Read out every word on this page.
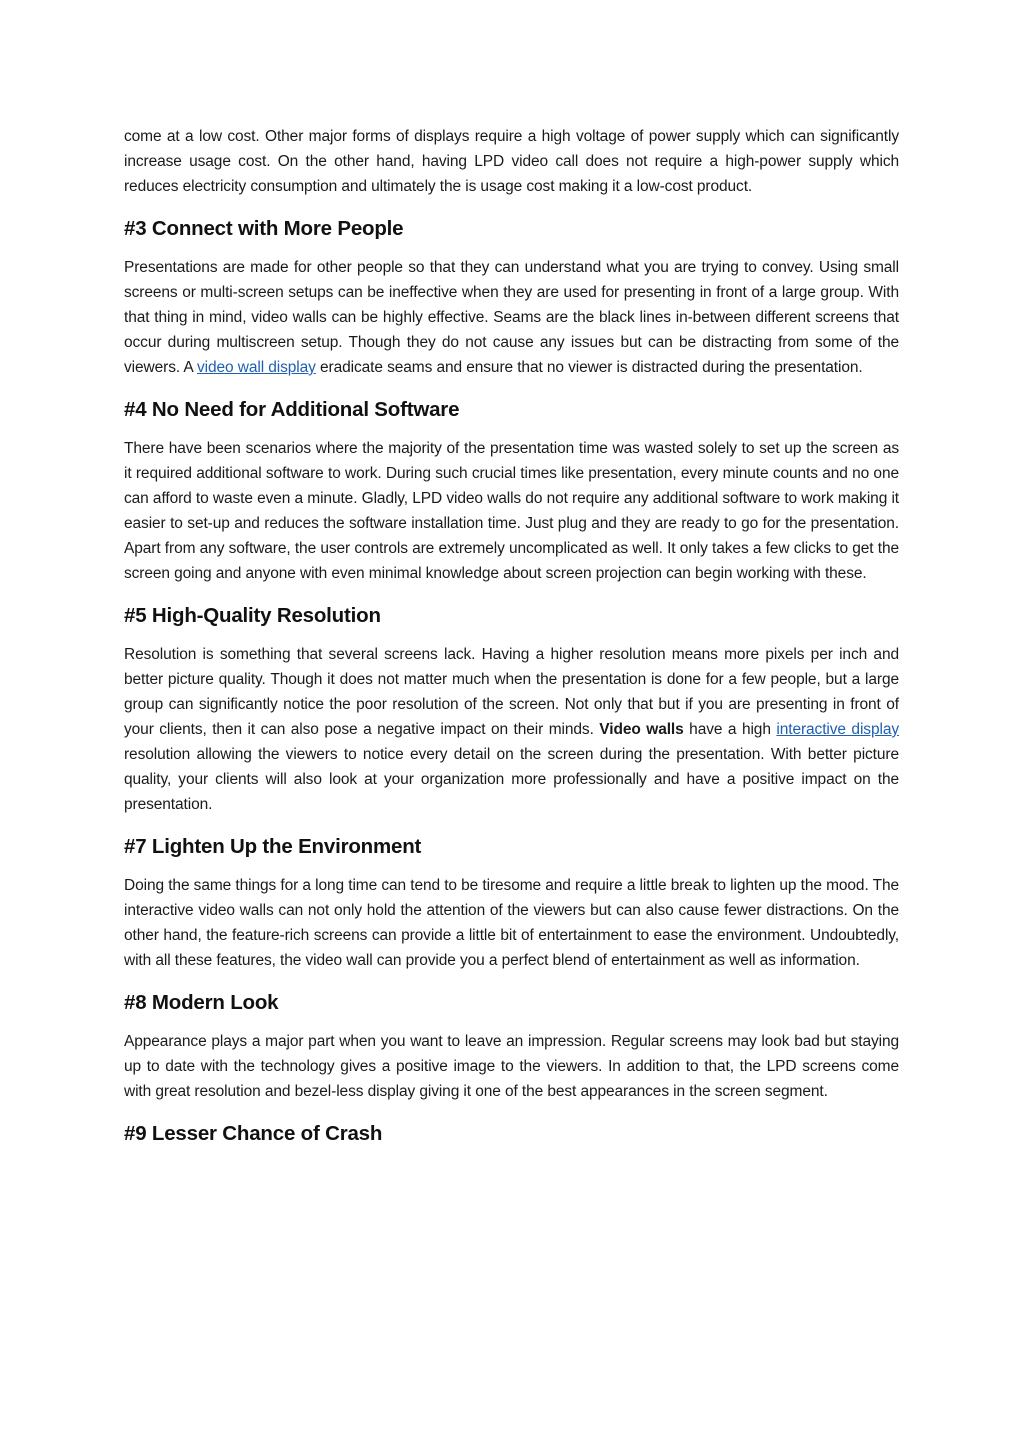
come at a low cost. Other major forms of displays require a high voltage of power supply which can significantly increase usage cost. On the other hand, having LPD video call does not require a high-power supply which reduces electricity consumption and ultimately the is usage cost making it a low-cost product.

#3 Connect with More People

Presentations are made for other people so that they can understand what you are trying to convey. Using small screens or multi-screen setups can be ineffective when they are used for presenting in front of a large group. With that thing in mind, video walls can be highly effective. Seams are the black lines in-between different screens that occur during multiscreen setup. Though they do not cause any issues but can be distracting from some of the viewers. A video wall display eradicate seams and ensure that no viewer is distracted during the presentation.

#4 No Need for Additional Software

There have been scenarios where the majority of the presentation time was wasted solely to set up the screen as it required additional software to work. During such crucial times like presentation, every minute counts and no one can afford to waste even a minute. Gladly, LPD video walls do not require any additional software to work making it easier to set-up and reduces the software installation time. Just plug and they are ready to go for the presentation. Apart from any software, the user controls are extremely uncomplicated as well. It only takes a few clicks to get the screen going and anyone with even minimal knowledge about screen projection can begin working with these.

#5 High-Quality Resolution

Resolution is something that several screens lack. Having a higher resolution means more pixels per inch and better picture quality. Though it does not matter much when the presentation is done for a few people, but a large group can significantly notice the poor resolution of the screen. Not only that but if you are presenting in front of your clients, then it can also pose a negative impact on their minds. Video walls have a high interactive display resolution allowing the viewers to notice every detail on the screen during the presentation. With better picture quality, your clients will also look at your organization more professionally and have a positive impact on the presentation.

#7 Lighten Up the Environment

Doing the same things for a long time can tend to be tiresome and require a little break to lighten up the mood. The interactive video walls can not only hold the attention of the viewers but can also cause fewer distractions. On the other hand, the feature-rich screens can provide a little bit of entertainment to ease the environment. Undoubtedly, with all these features, the video wall can provide you a perfect blend of entertainment as well as information.

#8 Modern Look

Appearance plays a major part when you want to leave an impression. Regular screens may look bad but staying up to date with the technology gives a positive image to the viewers. In addition to that, the LPD screens come with great resolution and bezel-less display giving it one of the best appearances in the screen segment.

#9 Lesser Chance of Crash
